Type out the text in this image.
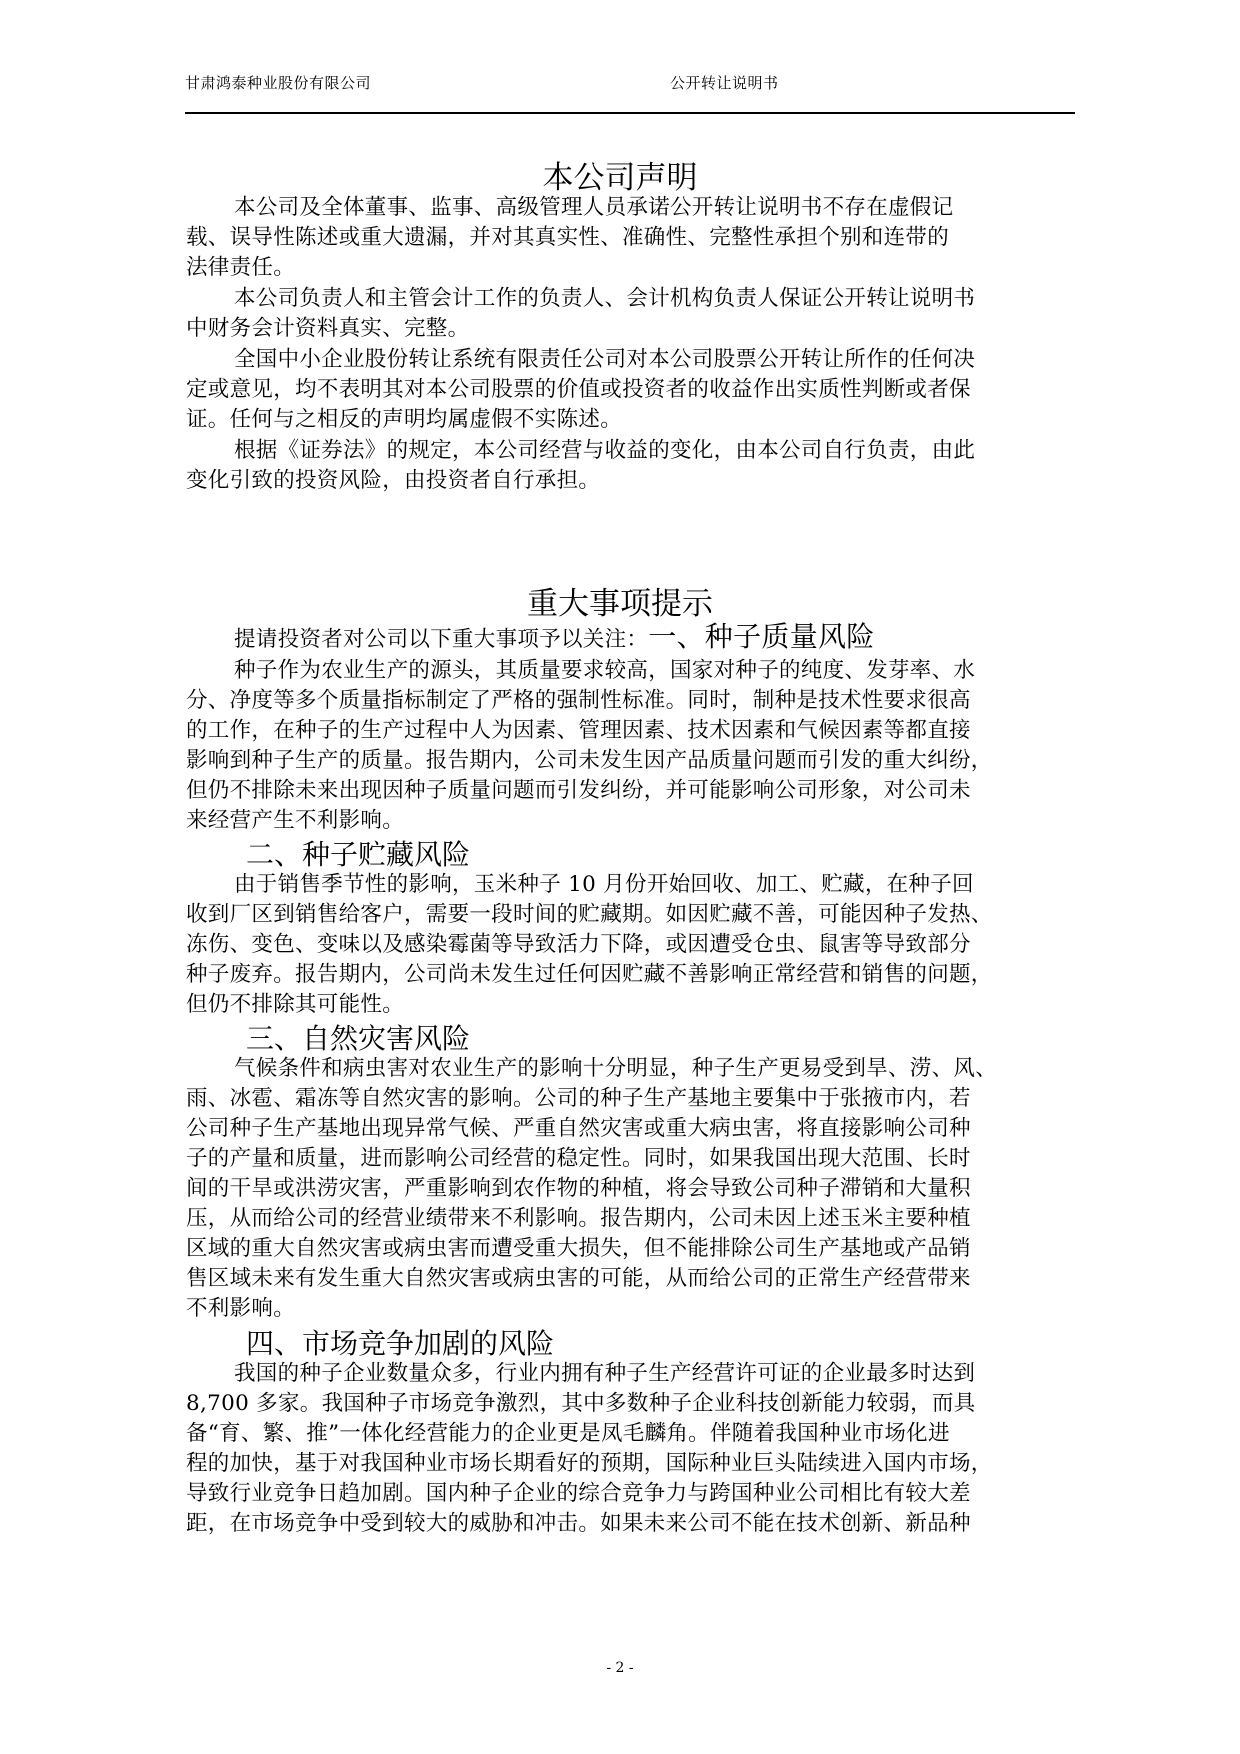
甘肃鸿泰种业股份有限公司	公开转让说明书
本公司声明
本公司及全体董事、监事、高级管理人员承诺公开转让说明书不存在虚假记
载、误导性陈述或重大遗漏，并对其真实性、准确性、完整性承担个别和连带的
法律责任。
本公司负责人和主管会计工作的负责人、会计机构负责人保证公开转让说明书
中财务会计资料真实、完整。
全国中小企业股份转让系统有限责任公司对本公司股票公开转让所作的任何决
定或意见，均不表明其对本公司股票的价值或投资者的收益作出实质性判断或者保
证。任何与之相反的声明均属虚假不实陈述。
根据《证券法》的规定，本公司经营与收益的变化，由本公司自行负责，由此
变化引致的投资风险，由投资者自行承担。
重大事项提示
提请投资者对公司以下重大事项予以关注：一、种子质量风险
种子作为农业生产的源头，其质量要求较高，国家对种子的纯度、发芽率、水
分、净度等多个质量指标制定了严格的强制性标准。同时，制种是技术性要求很高
的工作，在种子的生产过程中人为因素、管理因素、技术因素和气候因素等都直接
影响到种子生产的质量。报告期内，公司未发生因产品质量问题而引发的重大纠纷，
但仍不排除未来出现因种子质量问题而引发纠纷，并可能影响公司形象，对公司未
来经营产生不利影响。
二、种子贮藏风险
由于销售季节性的影响，玉米种子 10 月份开始回收、加工、贮藏，在种子回
收到厂区到销售给客户，需要一段时间的贮藏期。如因贮藏不善，可能因种子发热、
冻伤、变色、变味以及感染霉菌等导致活力下降，或因遭受仓虫、鼠害等导致部分
种子废弃。报告期内，公司尚未发生过任何因贮藏不善影响正常经营和销售的问题，
但仍不排除其可能性。
三、自然灾害风险
气候条件和病虫害对农业生产的影响十分明显，种子生产更易受到旱、涝、风、
雨、冰雹、霜冻等自然灾害的影响。公司的种子生产基地主要集中于张掖市内，若
公司种子生产基地出现异常气候、严重自然灾害或重大病虫害，将直接影响公司种
子的产量和质量，进而影响公司经营的稳定性。同时，如果我国出现大范围、长时
间的干旱或洪涝灾害，严重影响到农作物的种植，将会导致公司种子滞销和大量积
压，从而给公司的经营业绩带来不利影响。报告期内，公司未因上述玉米主要种植
区域的重大自然灾害或病虫害而遭受重大损失，但不能排除公司生产基地或产品销
售区域未来有发生重大自然灾害或病虫害的可能，从而给公司的正常生产经营带来
不利影响。
四、市场竞争加剧的风险
我国的种子企业数量众多，行业内拥有种子生产经营许可证的企业最多时达到
8,700 多家。我国种子市场竞争激烈，其中多数种子企业科技创新能力较弱，而具
备“育、繁、推”一体化经营能力的企业更是凤毛麟角。伴随着我国种业市场化进
程的加快，基于对我国种业市场长期看好的预期，国际种业巨头陆续进入国内市场，
导致行业竞争日趋加剧。国内种子企业的综合竞争力与跨国种业公司相比有较大差
距，在市场竞争中受到较大的威胁和冲击。如果未来公司不能在技术创新、新品种
- 2 -
